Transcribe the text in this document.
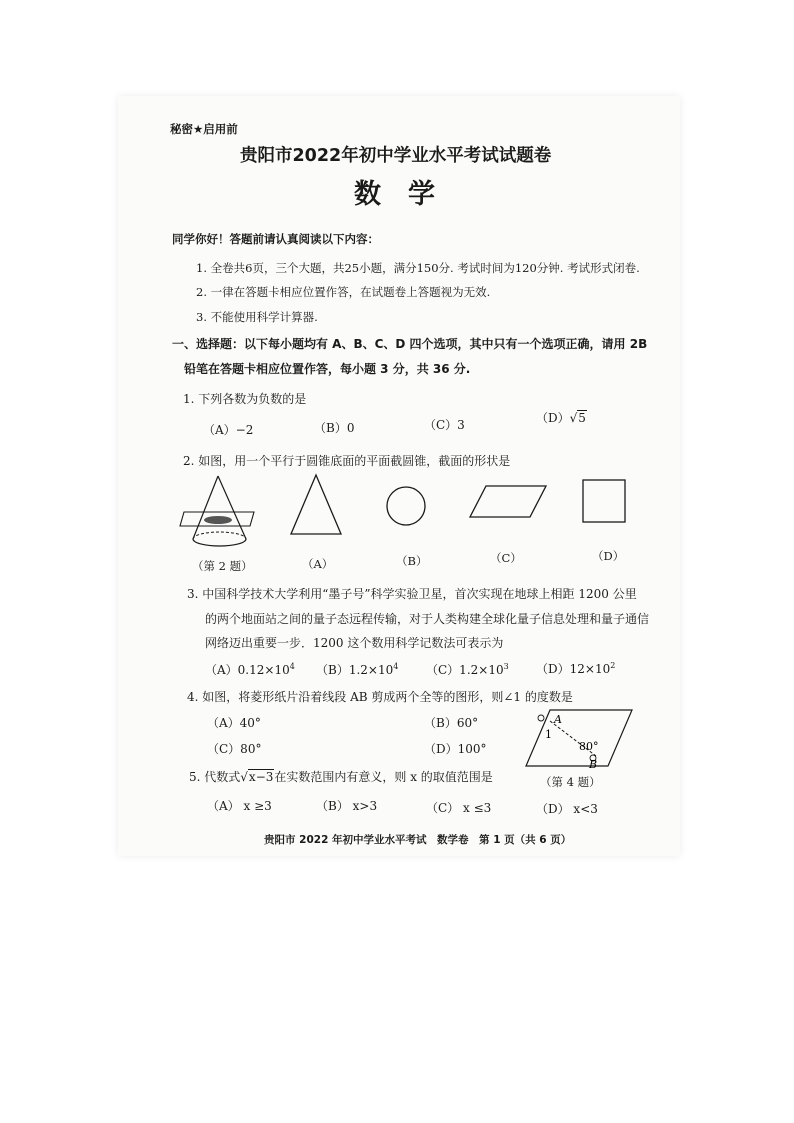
秘密★启用前
贵阳市2022年初中学业水平考试试题卷
数　学
同学你好！答题前请认真阅读以下内容：
1. 全卷共6页，三个大题，共25小题，满分150分. 考试时间为120分钟. 考试形式闭卷.
2. 一律在答题卡相应位置作答，在试题卷上答题视为无效.
3. 不能使用科学计算器.
一、选择题：以下每小题均有 A、B、C、D 四个选项，其中只有一个选项正确，请用 2B
铅笔在答题卡相应位置作答，每小题 3 分，共 36 分.
1. 下列各数为负数的是
（A）−2	（B）0	（C）3	（D）√5
2. 如图，用一个平行于圆锥底面的平面截圆锥，截面的形状是
（第 2 题）	（A）	（B）	（C）	（D）
3. 中国科学技术大学利用“墨子号”科学实验卫星，首次实现在地球上相距 1200 公里
的两个地面站之间的量子态远程传输，对于人类构建全球化量子信息处理和量子通信
网络迈出重要一步．1200 这个数用科学记数法可表示为
$(A)0.12\times 10^4$ $(B)1.2\times 10^4$ $(C)1.2\times 10^3$ $(D)12\times 10^2$
4. 如图，将菱形纸片沿着线段 AB 剪成两个全等的图形，则∠1 的度数是
（A）40°	（B）60°
（C）80°	（D）100°
A
1
80°
B
（第 4 题）
5. 代数式√x−3在实数范围内有意义，则 x 的取值范围是
（A） x ≥3	（B） x>3	（C） x ≤3	（D） x<3
贵阳市 2022 年初中学业水平考试　数学卷　第 1 页（共 6 页）
